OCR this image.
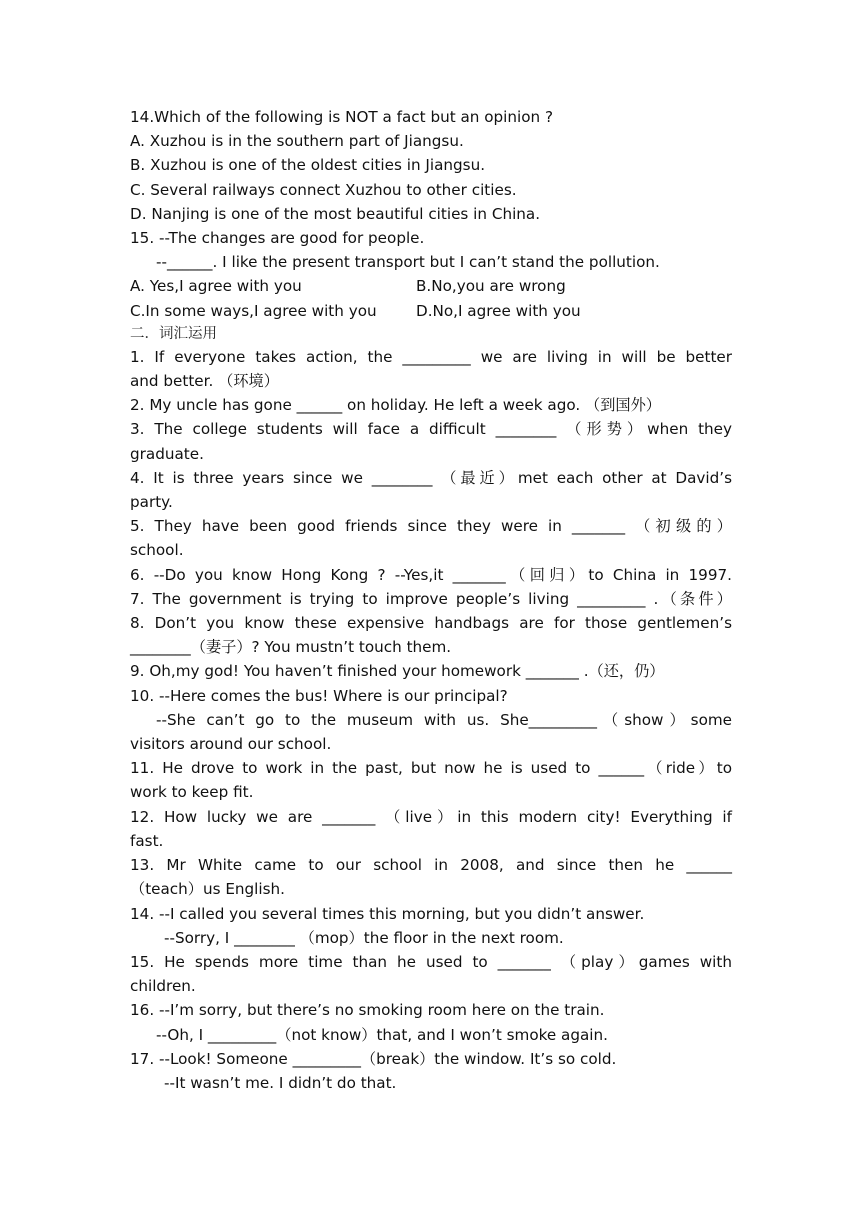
14.Which of the following is NOT a fact but an opinion ?
A. Xuzhou is in the southern part of Jiangsu.
B. Xuzhou is one of the oldest cities in Jiangsu.
C. Several railways connect Xuzhou to other cities.
D. Nanjing is one of the most beautiful cities in China.
15. --The changes are good for people.
--______. I like the present transport but I can’t stand the pollution.
A. Yes,I agree with you	B.No,you are wrong
C.In some ways,I agree with you	D.No,I agree with you
二．词汇运用
1. If everyone takes action, the _________ we are living in will be better
and better. （环境）
2. My uncle has gone ______ on holiday. He left a week ago. （到国外）
3. The college students will face a difficult ________ （形势）when they
graduate.
4. It is three years since we ________ （最近）met each other at David’s
party.
5. They have been good friends since they were in _______ （初级的）
school.
6. --Do you know Hong Kong ? --Yes,it _______（回归）to China in 1997.
7. The government is trying to improve people’s living _________ .（条件）
8. Don’t you know these expensive handbags are for those gentlemen’s
________（妻子）? You mustn’t touch them.
9. Oh,my god! You haven’t finished your homework _______ .（还，仍）
10. --Here comes the bus! Where is our principal?
--She can’t go to the museum with us. She_________（show）some
visitors around our school.
11. He drove to work in the past, but now he is used to ______（ride）to
work to keep fit.
12. How lucky we are _______ （live）in this modern city! Everything if
fast.
13. Mr White came to our school in 2008, and since then he ______
（teach）us English.
14. --I called you several times this morning, but you didn’t answer.
--Sorry, I ________ （mop）the floor in the next room.
15. He spends more time than he used to _______ （play）games with
children.
16. --I’m sorry, but there’s no smoking room here on the train.
--Oh, I _________（not know）that, and I won’t smoke again.
17. --Look! Someone _________（break）the window. It’s so cold.
--It wasn’t me. I didn’t do that.
